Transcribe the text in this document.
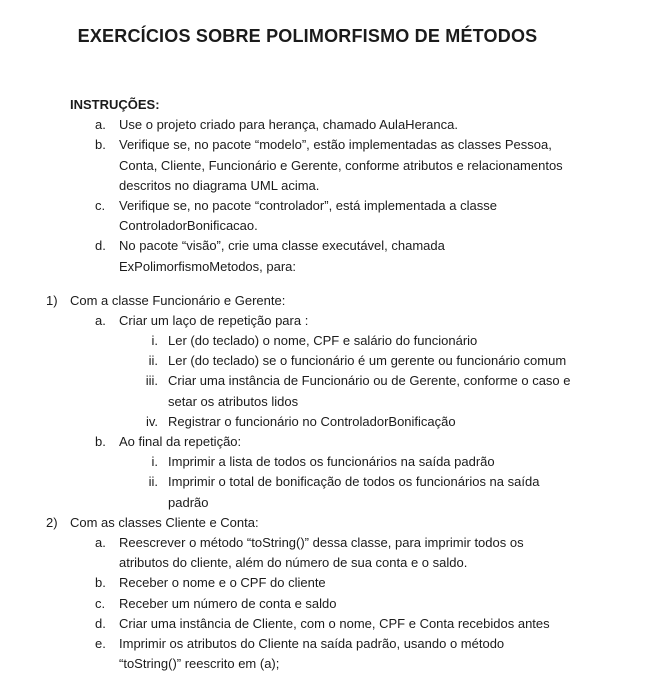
EXERCÍCIOS SOBRE POLIMORFISMO DE MÉTODOS
INSTRUÇÕES:
a. Use o projeto criado para herança, chamado AulaHeranca.
b. Verifique se, no pacote “modelo”, estão implementadas as classes Pessoa,
Conta, Cliente, Funcionário e Gerente, conforme atributos e relacionamentos
descritos no diagrama UML acima.
c. Verifique se, no pacote “controlador”, está implementada a classe
ControladorBonificacao.
d. No pacote “visão”, crie uma classe executável, chamada
ExPolimorfismoMetodos, para:
1) Com a classe Funcionário e Gerente:
a. Criar um laço de repetição para :
i. Ler (do teclado) o nome, CPF e salário do funcionário
ii. Ler (do teclado) se o funcionário é um gerente ou funcionário comum
iii. Criar uma instância de Funcionário ou de Gerente, conforme o caso e
setar os atributos lidos
iv. Registrar o funcionário no ControladorBonificação
b. Ao final da repetição:
i. Imprimir a lista de todos os funcionários na saída padrão
ii. Imprimir o total de bonificação de todos os funcionários na saída
padrão
2) Com as classes Cliente e Conta:
a. Reescrever o método “toString()” dessa classe, para imprimir todos os
atributos do cliente, além do número de sua conta e o saldo.
b. Receber o nome e o CPF do cliente
c. Receber um número de conta e saldo
d. Criar uma instância de Cliente, com o nome, CPF e Conta recebidos antes
e. Imprimir os atributos do Cliente na saída padrão, usando o método
“toString()” reescrito em (a);
